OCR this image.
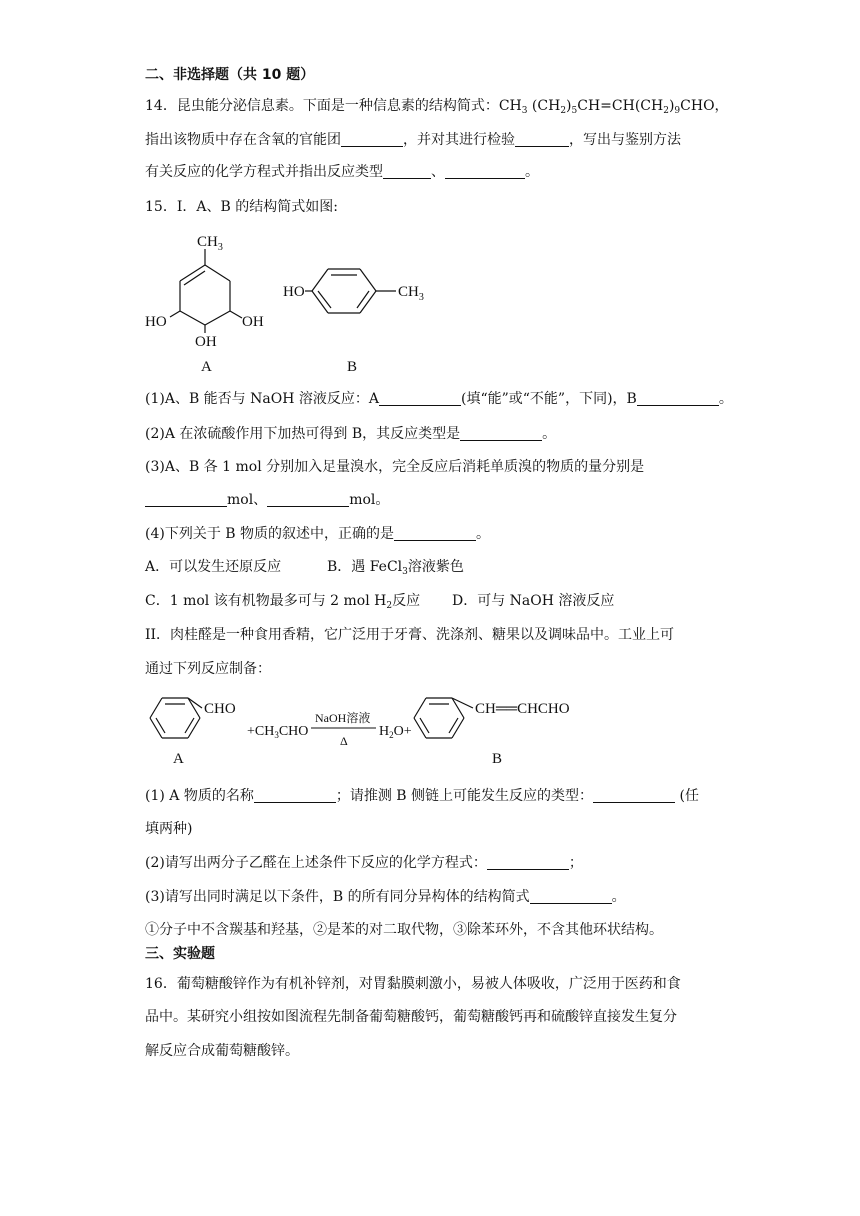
二、非选择题（共 10 题）
14．昆虫能分泌信息素。下面是一种信息素的结构简式：$CH_3$ $(CH_2)_5CH=CH(CH_2)_9CHO$，
指出该物质中存在含氧的官能团	，并对其进行检验	，写出与鉴别方法
有关反应的化学方程式并指出反应类型	、	。
15．I．A、B 的结构简式如图:
$CH_3$
HO	OH
OH
A
HO	$CH_3$
B
(1)A、B 能否与 NaOH 溶液反应：A	(填“能”或“不能”，下同)，B	。
(2)A 在浓硫酸作用下加热可得到 B，其反应类型是	。
(3)A、B 各 1 mol 分别加入足量溴水，完全反应后消耗单质溴的物质的量分别是
mol、	mol。
(4)下列关于 B 物质的叙述中，正确的是	。
A．可以发生还原反应	B．遇 FeCl$_3$溶液紫色
C．1 mol 该有机物最多可与 2 mol $H_2$反应 D．可与 NaOH 溶液反应
II．肉桂醛是一种食用香精，它广泛用于牙膏、洗涤剂、糖果以及调味品中。工业上可
通过下列反应制备：
CHO
A
$+CH_3CHO$
NaOH溶液
Δ
$H_2O+$
CH══CHCHO
B
(1) A 物质的名称	；请推测 B 侧链上可能发生反应的类型：	(任
填两种)
(2)请写出两分子乙醛在上述条件下反应的化学方程式：	；
(3)请写出同时满足以下条件，B 的所有同分异构体的结构简式	。
①分子中不含羰基和羟基，②是苯的对二取代物，③除苯环外，不含其他环状结构。
三、实验题
16．葡萄糖酸锌作为有机补锌剂，对胃黏膜刺激小，易被人体吸收，广泛用于医药和食
品中。某研究小组按如图流程先制备葡萄糖酸钙，葡萄糖酸钙再和硫酸锌直接发生复分
解反应合成葡萄糖酸锌。
